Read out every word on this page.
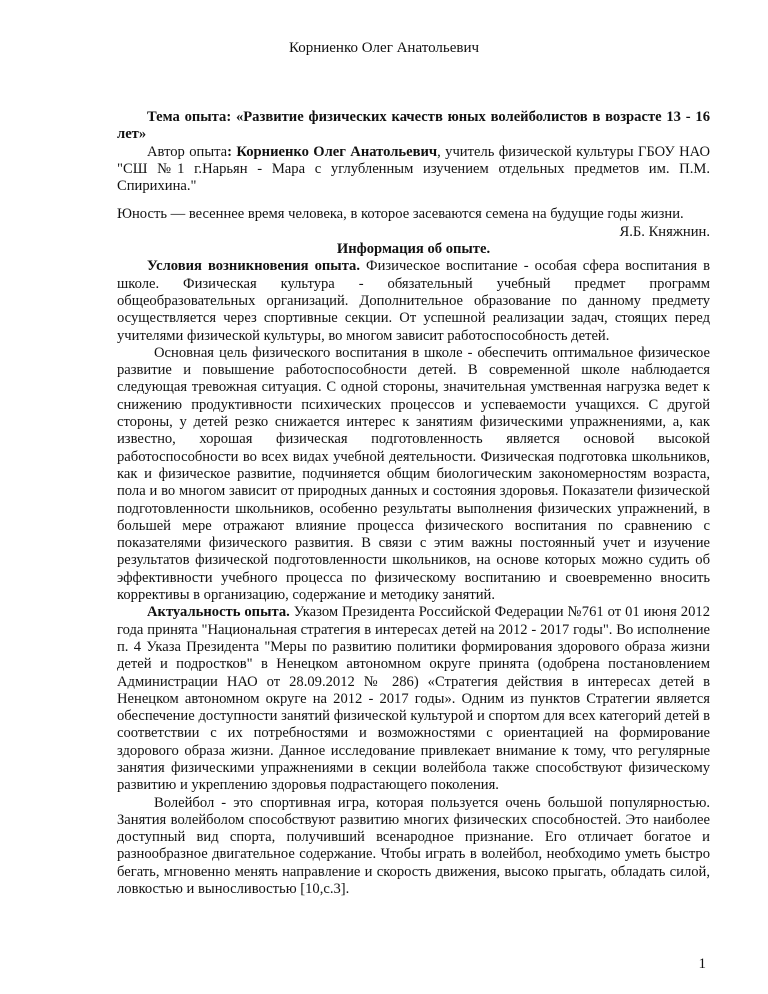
Корниенко Олег Анатольевич

Тема опыта: «Развитие физических качеств юных волейболистов в возрасте 13 - 16 лет»

Автор опыта: Корниенко Олег Анатольевич, учитель физической культуры ГБОУ НАО "СШ №1 г.Нарьян - Мара с углубленным изучением отдельных предметов им. П.М. Спирихина."

Юность — весеннее время человека, в которое засеваются семена на будущие годы жизни.

Я.Б. Княжнин.

Информация об опыте.

Условия возникновения опыта. Физическое воспитание - особая сфера воспитания в школе. Физическая культура - обязательный учебный предмет программ общеобразовательных организаций. Дополнительное образование по данному предмету осуществляется через спортивные секции. От успешной реализации задач, стоящих перед учителями физической культуры, во многом зависит работоспособность детей.

Основная цель физического воспитания в школе - обеспечить оптимальное физическое развитие и повышение работоспособности детей. В современной школе наблюдается следующая тревожная ситуация. С одной стороны, значительная умственная нагрузка ведет к снижению продуктивности психических процессов и успеваемости учащихся. С другой стороны, у детей резко снижается интерес к занятиям физическими упражнениями, а, как известно, хорошая физическая подготовленность является основой высокой работоспособности во всех видах учебной деятельности. Физическая подготовка школьников, как и физическое развитие, подчиняется общим биологическим закономерностям возраста, пола и во многом зависит от природных данных и состояния здоровья. Показатели физической подготовленности школьников, особенно результаты выполнения физических упражнений, в большей мере отражают влияние процесса физического воспитания по сравнению с показателями физического развития. В связи с этим важны постоянный учет и изучение результатов физической подготовленности школьников, на основе которых можно судить об эффективности учебного процесса по физическому воспитанию и своевременно вносить коррективы в организацию, содержание и методику занятий.

Актуальность опыта. Указом Президента Российской Федерации №761 от 01 июня 2012 года принята "Национальная стратегия в интересах детей на 2012 - 2017 годы". Во исполнение п. 4 Указа Президента "Меры по развитию политики формирования здорового образа жизни детей и подростков" в Ненецком автономном округе принята (одобрена постановлением Администрации НАО от 28.09.2012 № 286) «Стратегия действия в интересах детей в Ненецком автономном округе на 2012 - 2017 годы». Одним из пунктов Стратегии является обеспечение доступности занятий физической культурой и спортом для всех категорий детей в соответствии с их потребностями и возможностями с ориентацией на формирование здорового образа жизни. Данное исследование привлекает внимание к тому, что регулярные занятия физическими упражнениями в секции волейбола также способствуют физическому развитию и укреплению здоровья подрастающего поколения.

Волейбол - это спортивная игра, которая пользуется очень большой популярностью. Занятия волейболом способствуют развитию многих физических способностей. Это наиболее доступный вид спорта, получивший всенародное признание. Его отличает богатое и разнообразное двигательное содержание. Чтобы играть в волейбол, необходимо уметь быстро бегать, мгновенно менять направление и скорость движения, высоко прыгать, обладать силой, ловкостью и выносливостью [10,с.3].

1
